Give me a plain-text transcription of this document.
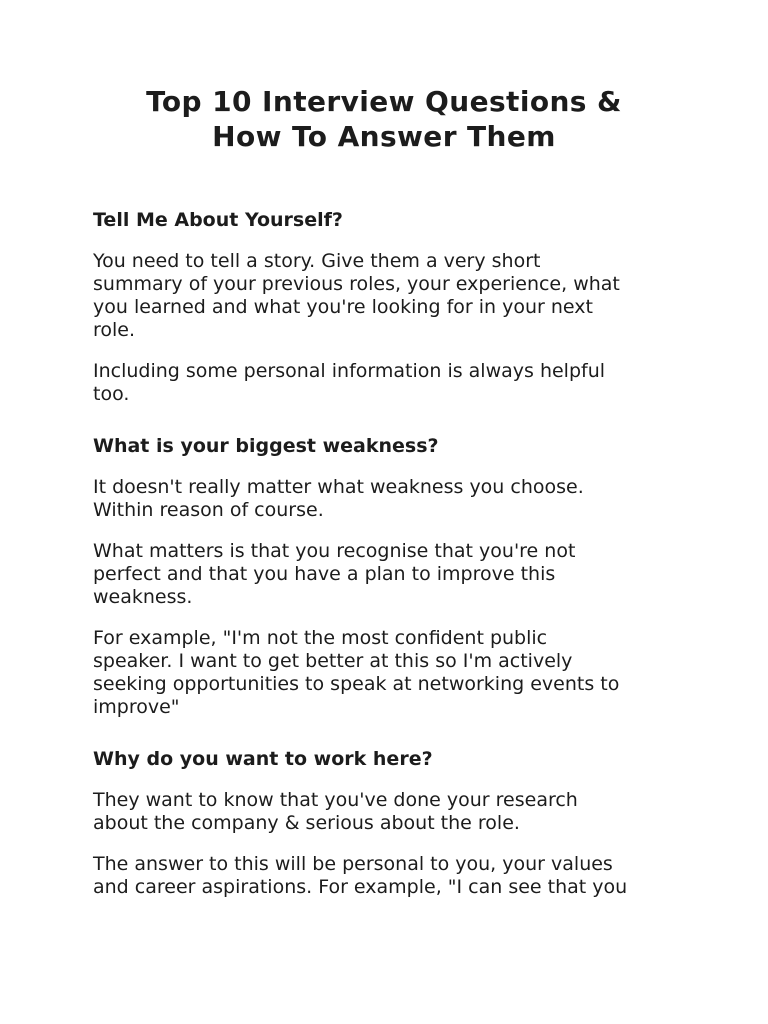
Top 10 Interview Questions &
How To Answer Them
Tell Me About Yourself?

You need to tell a story. Give them a very short
summary of your previous roles, your experience, what
you learned and what you're looking for in your next
role.

Including some personal information is always helpful
too.

What is your biggest weakness?

It doesn't really matter what weakness you choose.
Within reason of course.

What matters is that you recognise that you're not
perfect and that you have a plan to improve this
weakness.

For example, "I'm not the most confident public
speaker. I want to get better at this so I'm actively
seeking opportunities to speak at networking events to
improve"

Why do you want to work here?

They want to know that you've done your research
about the company & serious about the role.

The answer to this will be personal to you, your values
and career aspirations. For example, "I can see that you
